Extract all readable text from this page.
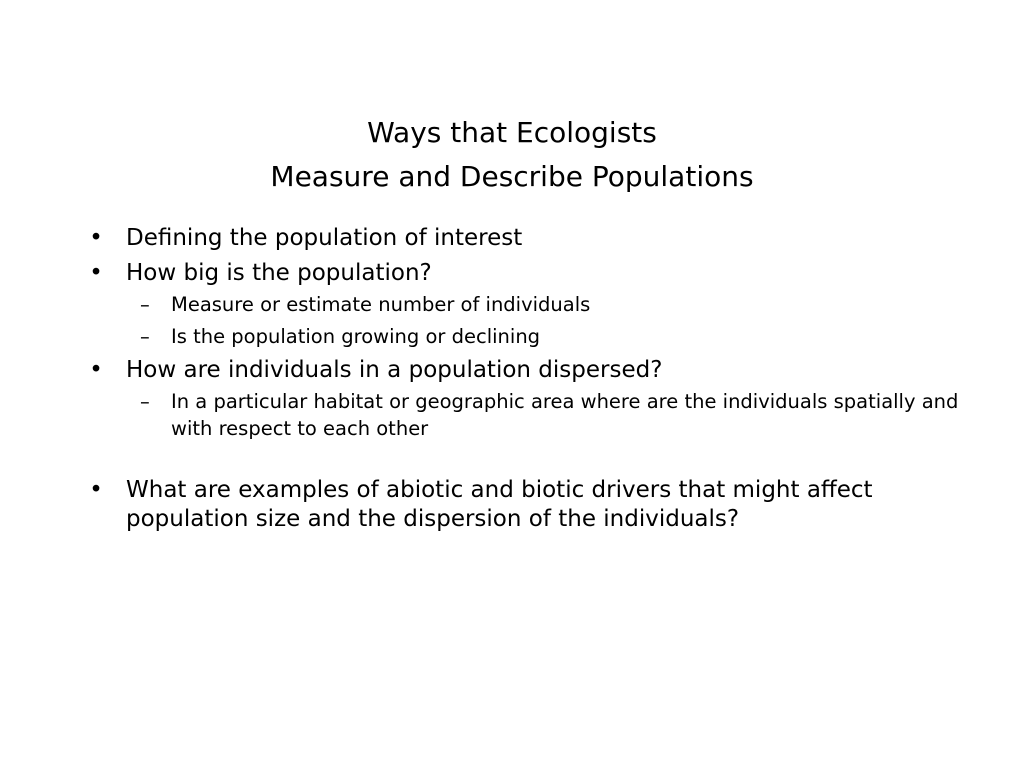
Ways that Ecologists
Measure and Describe Populations
• Defining the population of interest
• How big is the population?
– Measure or estimate number of individuals
– Is the population growing or declining
• How are individuals in a population dispersed?
– In a particular habitat or geographic area where are the individuals spatially and with respect to each other
• What are examples of abiotic and biotic drivers that might affect population size and the dispersion of the individuals?
